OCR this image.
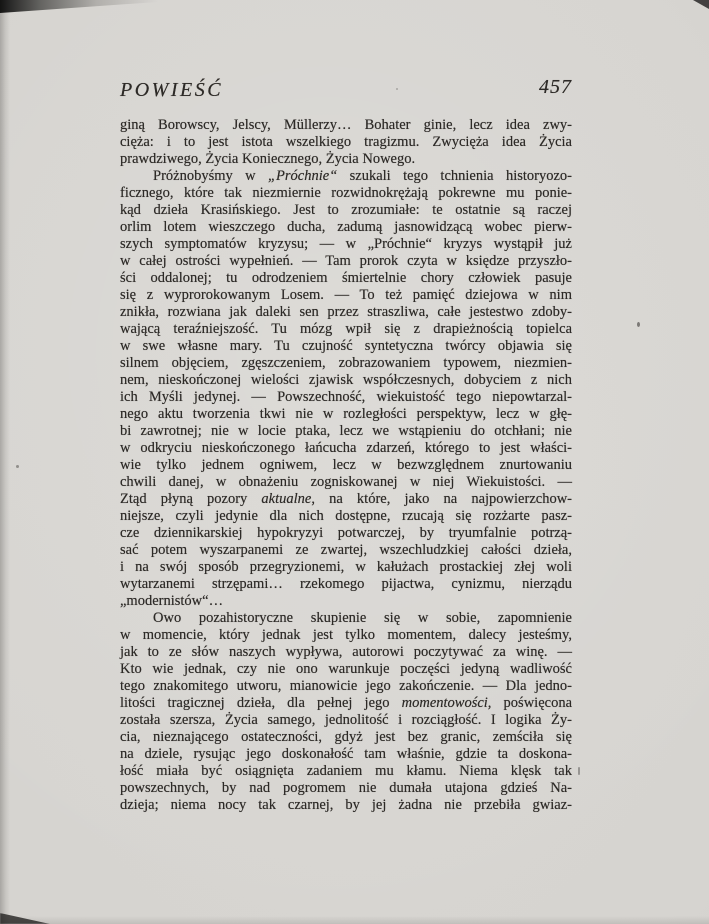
POWIEŚĆ	457
giną Borowscy, Jelscy, Müllerzy… Bohater ginie, lecz idea zwy-
cięża: i to jest istota wszelkiego tragizmu. Zwycięża idea Życia
prawdziwego, Życia Koniecznego, Życia Nowego.
Próżnobyśmy w „Próchnie“ szukali tego tchnienia historyozo-
ficznego, które tak niezmiernie rozwidnokrężają pokrewne mu ponie-
kąd dzieła Krasińskiego. Jest to zrozumiałe: te ostatnie są raczej
orlim lotem wieszczego ducha, zadumą jasnowidzącą wobec pierw-
szych symptomatów kryzysu; — w „Próchnie“ kryzys wystąpił już
w całej ostrości wypełnień. — Tam prorok czyta w księdze przyszło-
ści oddalonej; tu odrodzeniem śmiertelnie chory człowiek pasuje
się z wyprorokowanym Losem. — To też pamięć dziejowa w nim
znikła, rozwiana jak daleki sen przez straszliwa, całe jestestwo zdoby-
wającą teraźniejszość. Tu mózg wpił się z drapieżnością topielca
w swe własne mary. Tu czujność syntetyczna twórcy objawia się
silnem objęciem, zgęszczeniem, zobrazowaniem typowem, niezmien-
nem, nieskończonej wielości zjawisk współczesnych, dobyciem z nich
ich Myśli jedynej. — Powszechność, wiekuistość tego niepowtarzal-
nego aktu tworzenia tkwi nie w rozległości perspektyw, lecz w głę-
bi zawrotnej; nie w locie ptaka, lecz we wstąpieniu do otchłani; nie
w odkryciu nieskończonego łańcucha zdarzeń, którego to jest właści-
wie tylko jednem ogniwem, lecz w bezwzględnem znurtowaniu
chwili danej, w obnażeniu zogniskowanej w niej Wiekuistości. —
Ztąd płyną pozory aktualne, na które, jako na najpowierzchow-
niejsze, czyli jedynie dla nich dostępne, rzucają się rozżarte pasz-
cze dziennikarskiej hypokryzyi potwarczej, by tryumfalnie potrzą-
sać potem wyszarpanemi ze zwartej, wszechludzkiej całości dzieła,
i na swój sposób przegryzionemi, w kałużach prostackiej złej woli
wytarzanemi strzępami… rzekomego pijactwa, cynizmu, nierządu
„modernistów“…
Owo pozahistoryczne skupienie się w sobie, zapomnienie
w momencie, który jednak jest tylko momentem, dalecy jesteśmy,
jak to ze słów naszych wypływa, autorowi poczytywać za winę. —
Kto wie jednak, czy nie ono warunkuje poczęści jedyną wadliwość
tego znakomitego utworu, mianowicie jego zakończenie. — Dla jedno-
litości tragicznej dzieła, dla pełnej jego momentowości, poświęcona
została szersza, Życia samego, jednolitość i rozciągłość. I logika Ży-
cia, nieznającego ostateczności, gdyż jest bez granic, zemściła się
na dziele, rysując jego doskonałość tam właśnie, gdzie ta doskona-
łość miała być osiągnięta zadaniem mu kłamu. Niema klęsk tak
powszechnych, by nad pogromem nie dumała utajona gdzieś Na-
dzieja; niema nocy tak czarnej, by jej żadna nie przebiła gwiaz-
